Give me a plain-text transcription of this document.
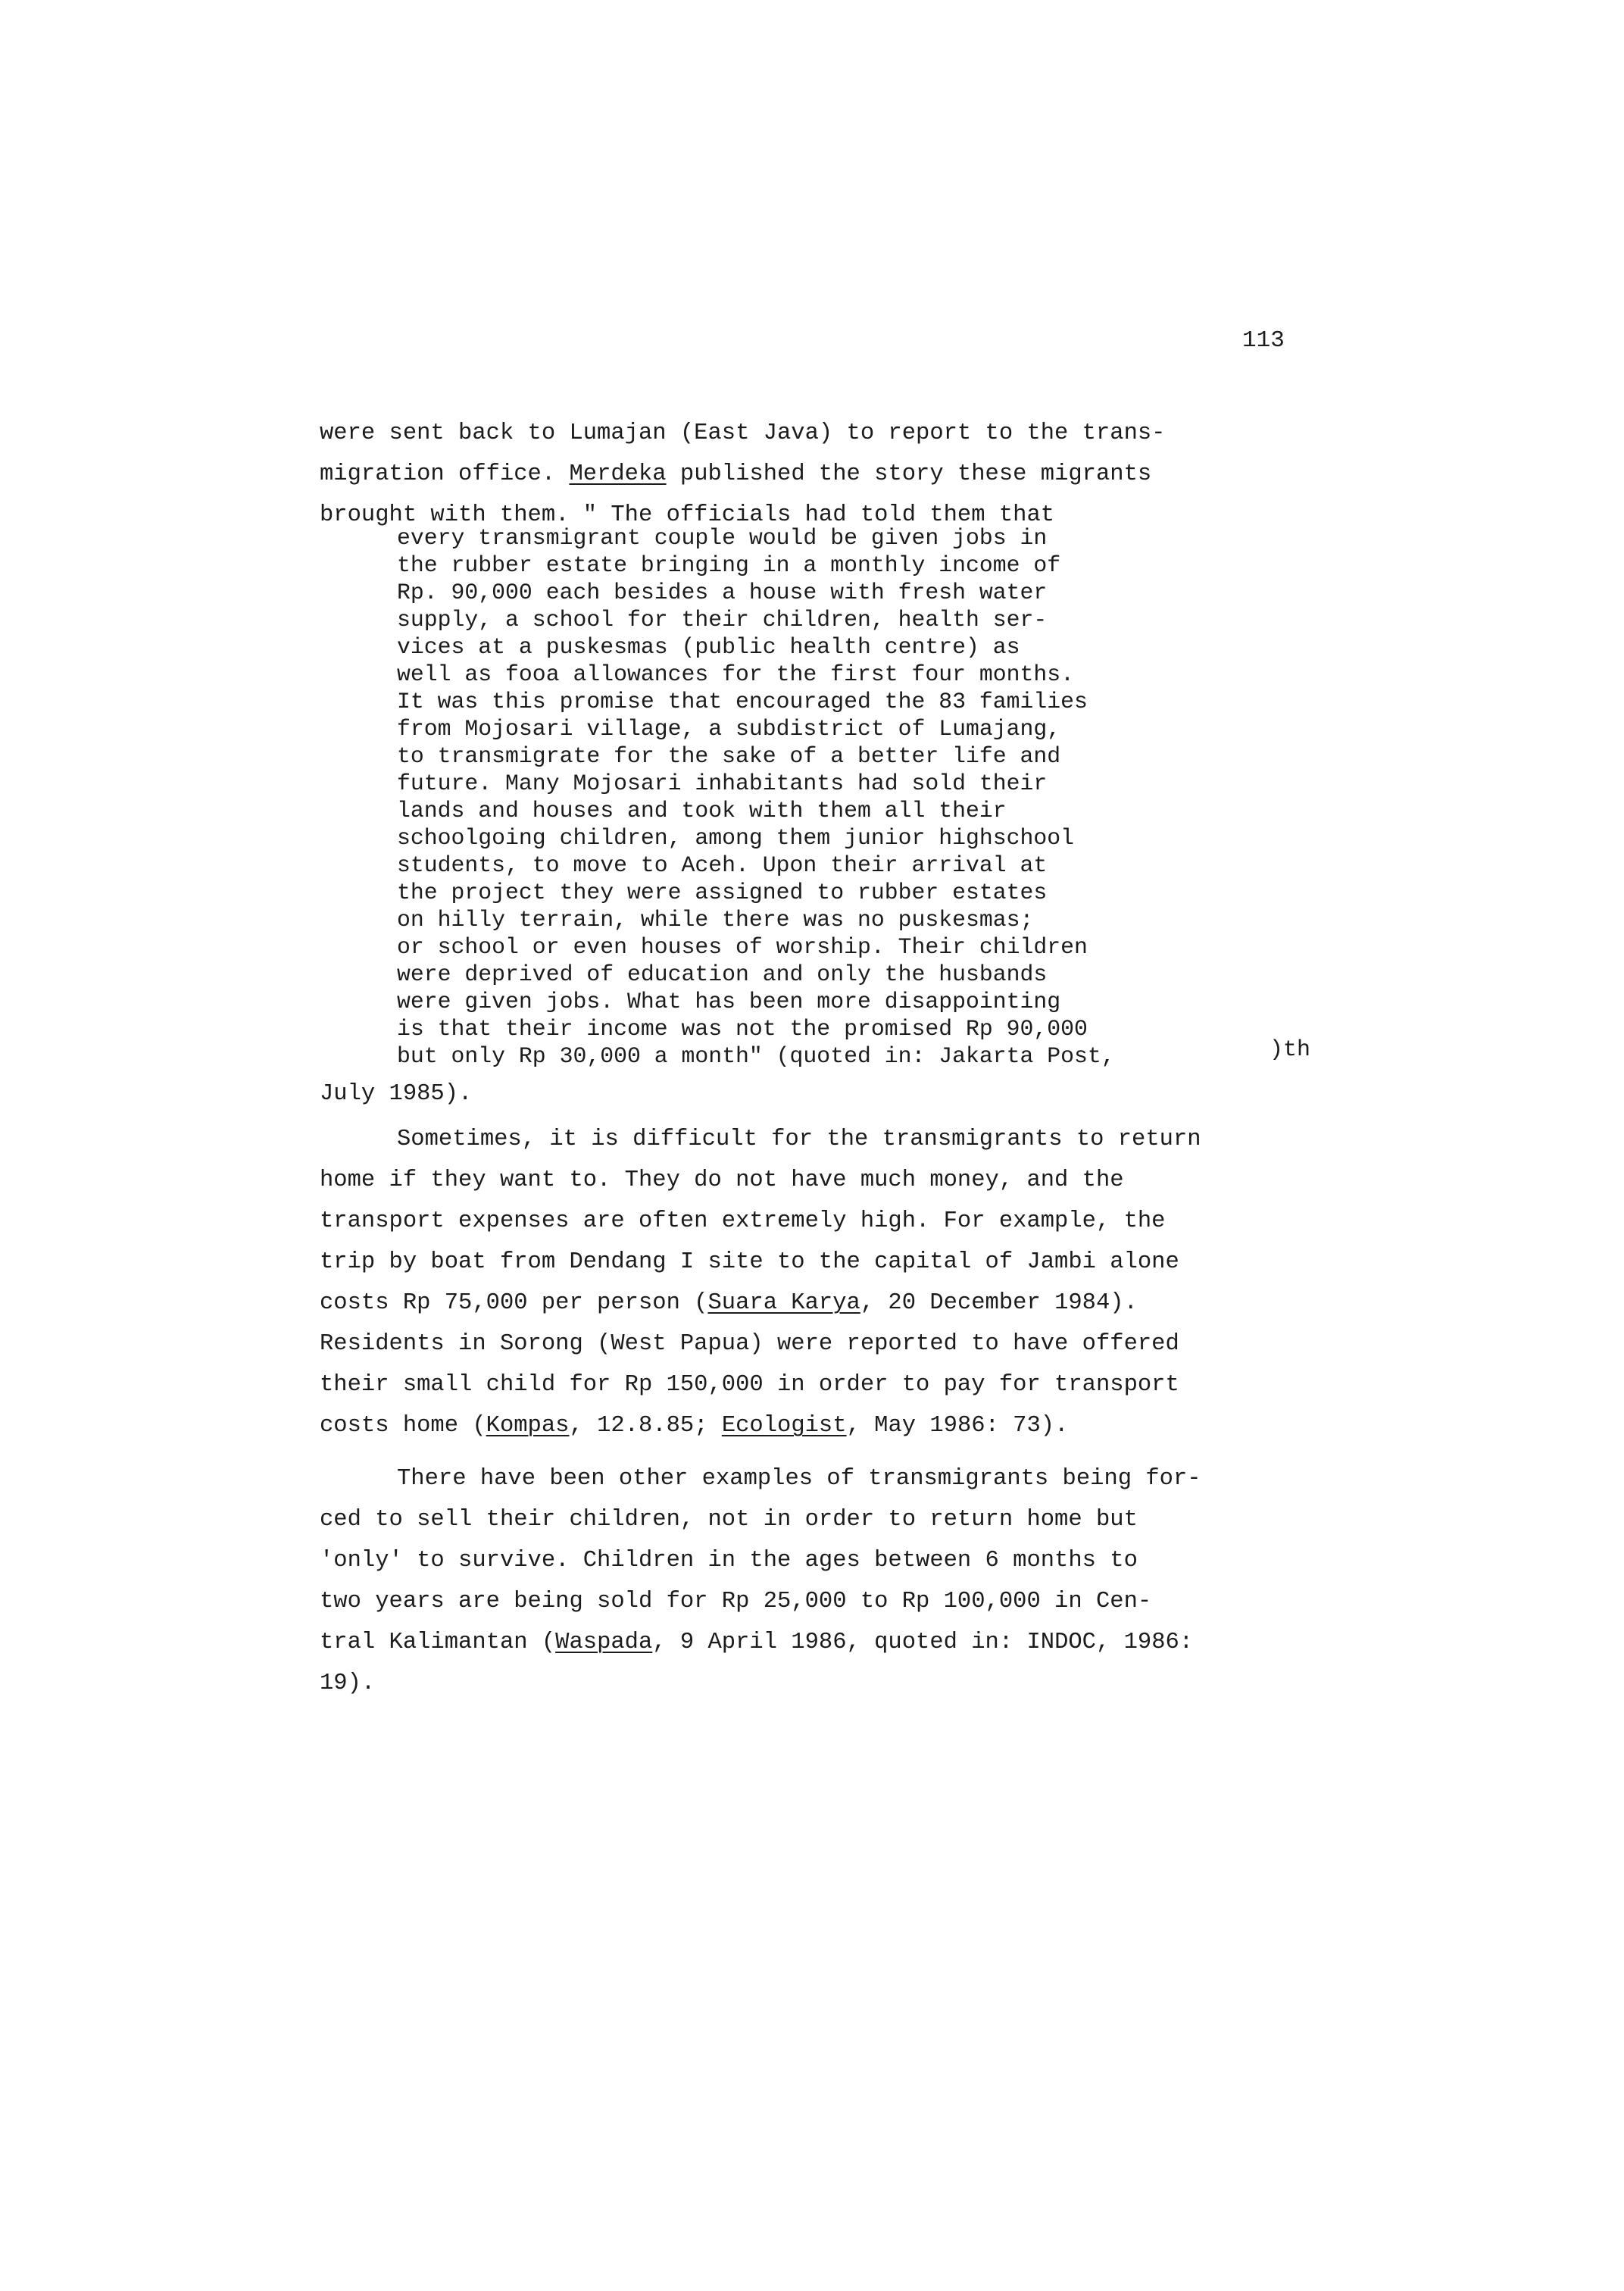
113
were sent back to Lumajan (East Java) to report to the trans-
migration office. Merdeka published the story these migrants
brought with them. " The officials had told them that
every transmigrant couple would be given jobs in
the rubber estate bringing in a monthly income of
Rp. 90,000 each besides a house with fresh water
supply, a school for their children, health ser-
vices at a puskesmas (public health centre) as
well as fooa allowances for the first four months.
It was this promise that encouraged the 83 families
from Mojosari village, a subdistrict of Lumajang,
to transmigrate for the sake of a better life and
future. Many Mojosari inhabitants had sold their
lands and houses and took with them all their
schoolgoing children, among them junior highschool
students, to move to Aceh. Upon their arrival at
the project they were assigned to rubber estates
on hilly terrain, while there was no puskesmas;
or school or even houses of worship. Their children
were deprived of education and only the husbands
were given jobs. What has been more disappointing
is that their income was not the promised Rp 90,000
but only Rp 30,000 a month" (quoted in: Jakarta Post,	)th
July 1985).
Sometimes, it is difficult for the transmigrants to return
home if they want to. They do not have much money, and the
transport expenses are often extremely high. For example, the
trip by boat from Dendang I site to the capital of Jambi alone
costs Rp 75,000 per person (Suara Karya, 20 December 1984).
Residents in Sorong (West Papua) were reported to have offered
their small child for Rp 150,000 in order to pay for transport
costs home (Kompas, 12.8.85; Ecologist, May 1986: 73).
There have been other examples of transmigrants being for-
ced to sell their children, not in order to return home but
'only' to survive. Children in the ages between 6 months to
two years are being sold for Rp 25,000 to Rp 100,000 in Cen-
tral Kalimantan (Waspada, 9 April 1986, quoted in: INDOC, 1986:
19).
